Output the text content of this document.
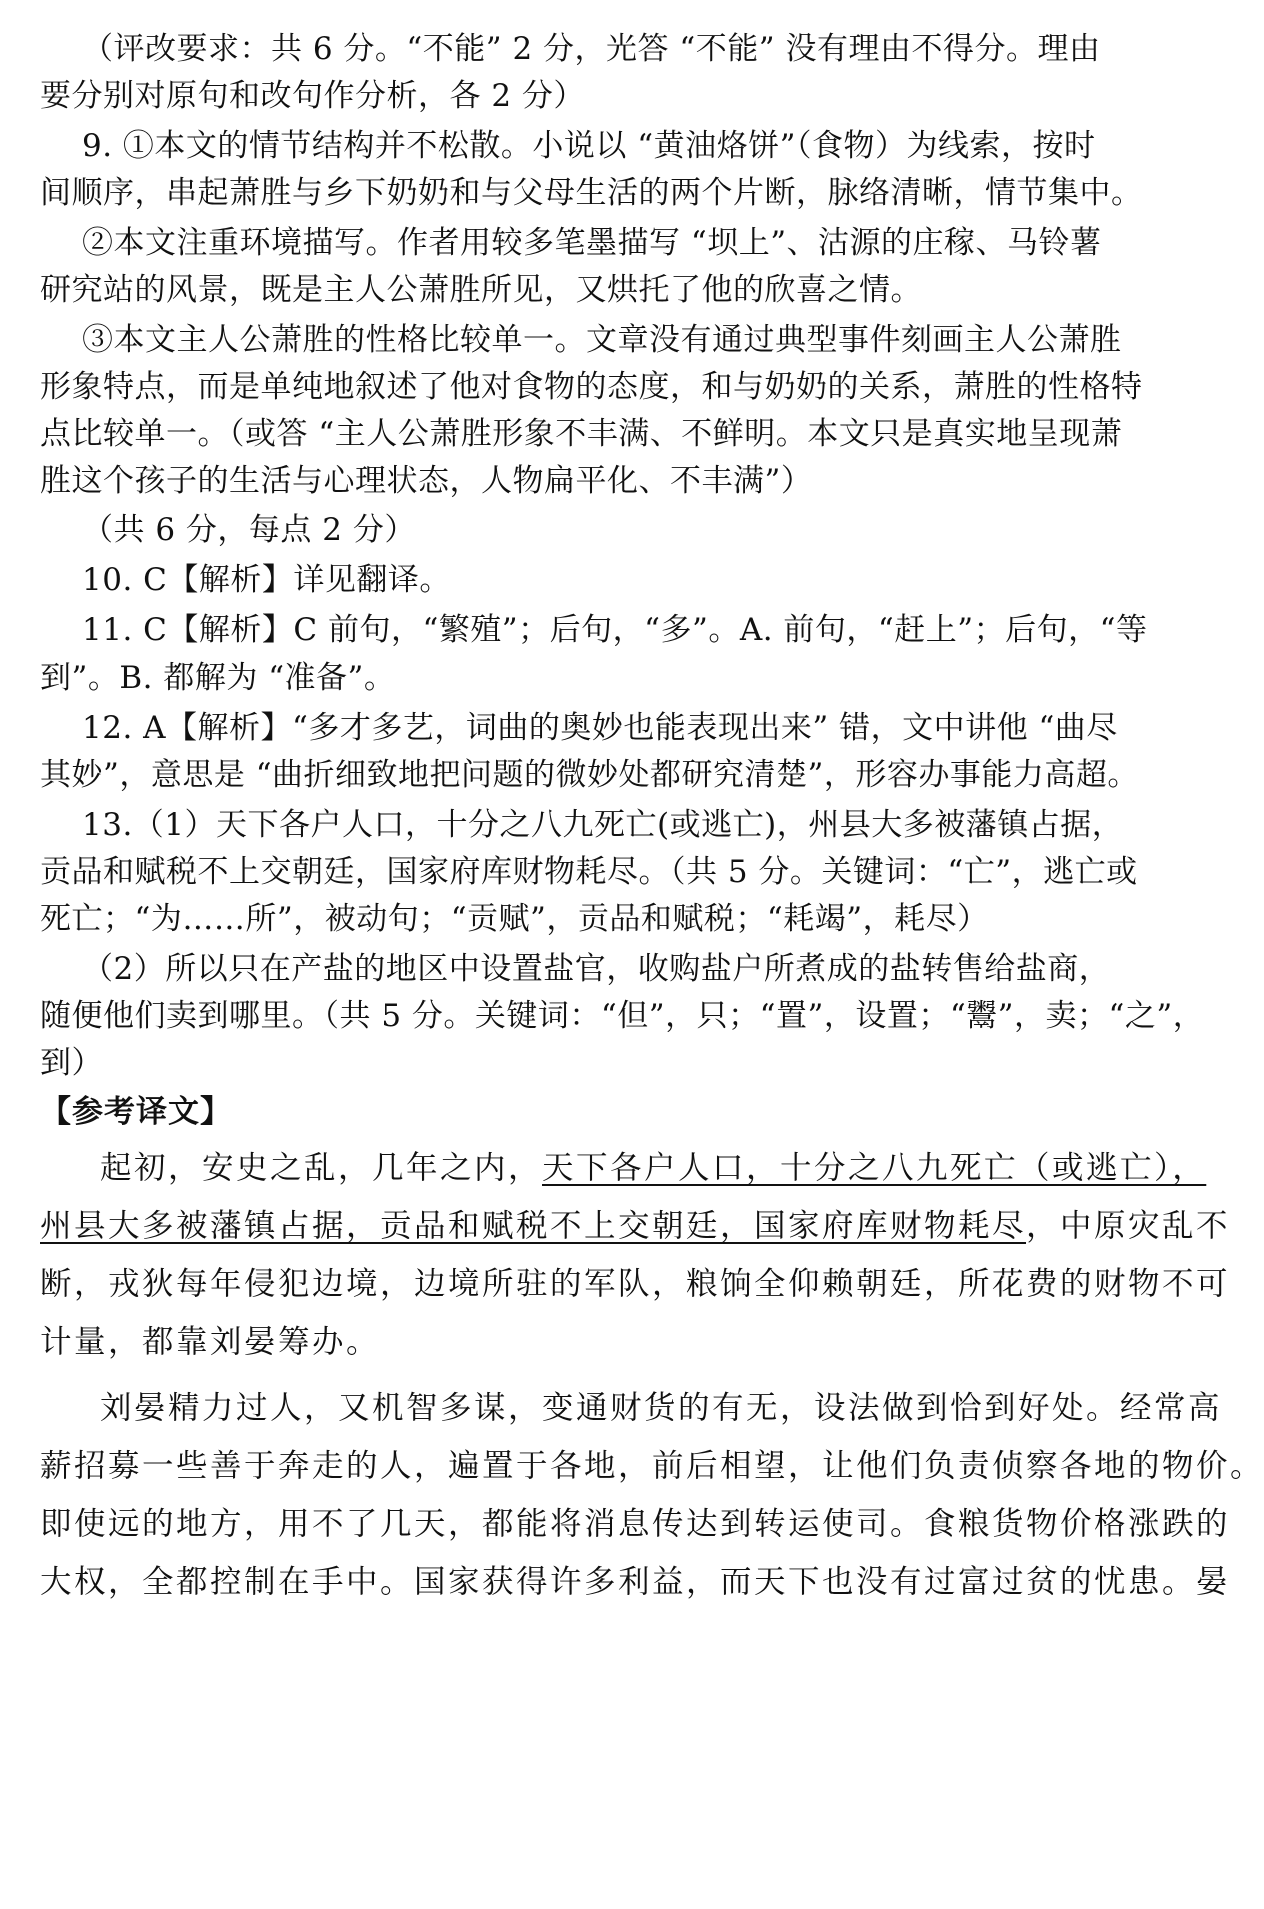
（评改要求：共 6 分。“不能” 2 分，光答 “不能” 没有理由不得分。理由
要分别对原句和改句作分析，各 2 分）
9. ①本文的情节结构并不松散。小说以 “黄油烙饼”（食物）为线索，按时
间顺序，串起萧胜与乡下奶奶和与父母生活的两个片断，脉络清晰，情节集中。
②本文注重环境描写。作者用较多笔墨描写 “坝上”、沽源的庄稼、马铃薯
研究站的风景，既是主人公萧胜所见，又烘托了他的欣喜之情。
③本文主人公萧胜的性格比较单一。文章没有通过典型事件刻画主人公萧胜
形象特点，而是单纯地叙述了他对食物的态度，和与奶奶的关系，萧胜的性格特
点比较单一。（或答 “主人公萧胜形象不丰满、不鲜明。本文只是真实地呈现萧
胜这个孩子的生活与心理状态，人物扁平化、不丰满”）
（共 6 分，每点 2 分）
10. C【解析】详见翻译。
11. C【解析】C 前句，“繁殖”；后句，“多”。A. 前句，“赶上”；后句，“等
到”。B. 都解为 “准备”。
12. A【解析】“多才多艺，词曲的奥妙也能表现出来” 错，文中讲他 “曲尽
其妙”，意思是 “曲折细致地把问题的微妙处都研究清楚”，形容办事能力高超。
13.（1）天下各户人口，十分之八九死亡(或逃亡)，州县大多被藩镇占据，
贡品和赋税不上交朝廷，国家府库财物耗尽。（共 5 分。关键词：“亡”，逃亡或
死亡；“为……所”，被动句；“贡赋”，贡品和赋税；“耗竭”，耗尽）
（2）所以只在产盐的地区中设置盐官，收购盐户所煮成的盐转售给盐商，
随便他们卖到哪里。（共 5 分。关键词：“但”，只；“置”，设置；“鬻”，卖；“之”，
到）
【参考译文】
起初，安史之乱，几年之内，天下各户人口，十分之八九死亡（或逃亡），
州县大多被藩镇占据，贡品和赋税不上交朝廷，国家府库财物耗尽，中原灾乱不
断，戎狄每年侵犯边境，边境所驻的军队，粮饷全仰赖朝廷，所花费的财物不可
计量，都靠刘晏筹办。
刘晏精力过人，又机智多谋，变通财货的有无，设法做到恰到好处。经常高
薪招募一些善于奔走的人，遍置于各地，前后相望，让他们负责侦察各地的物价。
即使远的地方，用不了几天，都能将消息传达到转运使司。食粮货物价格涨跌的
大权，全都控制在手中。国家获得许多利益，而天下也没有过富过贫的忧患。晏
